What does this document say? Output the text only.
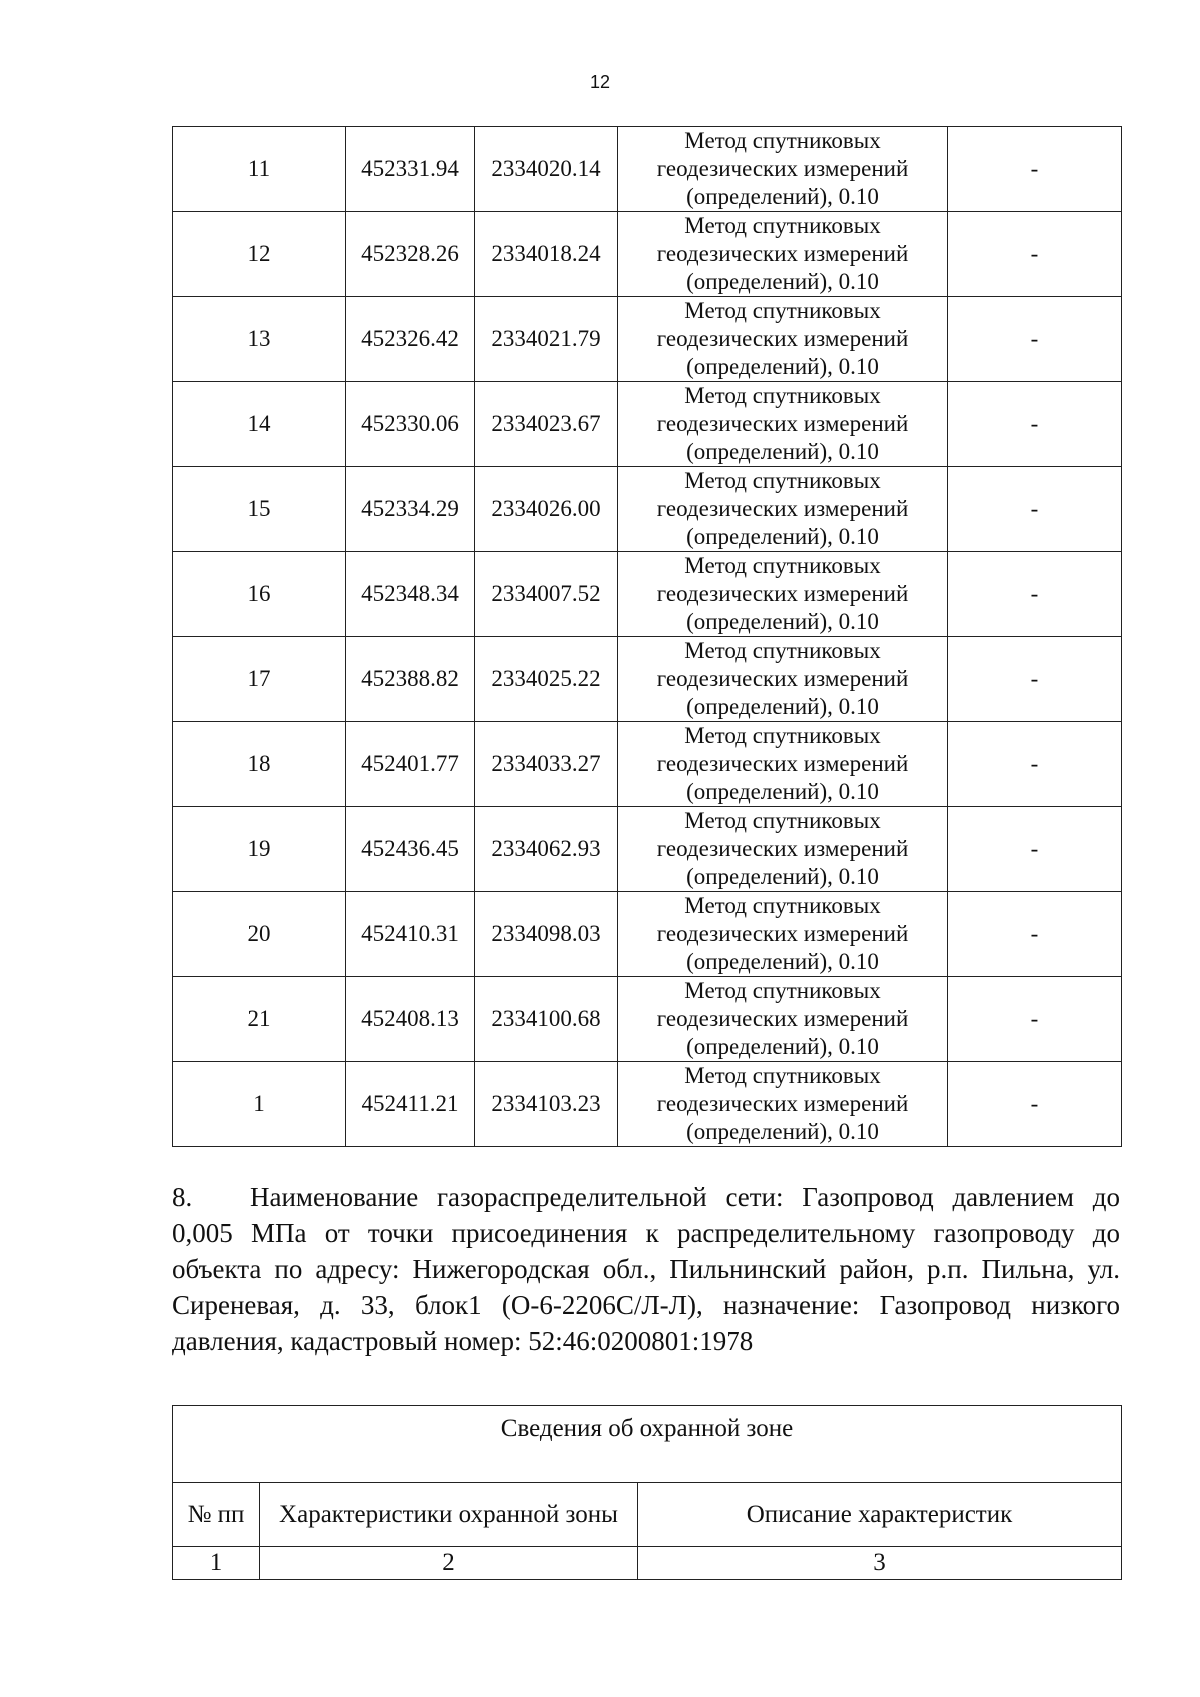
12
11	452331.94	2334020.14	Метод спутниковых
геодезических измерений
(определений), 0.10	-
12	452328.26	2334018.24	Метод спутниковых
геодезических измерений
(определений), 0.10	-
13	452326.42	2334021.79	Метод спутниковых
геодезических измерений
(определений), 0.10	-
14	452330.06	2334023.67	Метод спутниковых
геодезических измерений
(определений), 0.10	-
15	452334.29	2334026.00	Метод спутниковых
геодезических измерений
(определений), 0.10	-
16	452348.34	2334007.52	Метод спутниковых
геодезических измерений
(определений), 0.10	-
17	452388.82	2334025.22	Метод спутниковых
геодезических измерений
(определений), 0.10	-
18	452401.77	2334033.27	Метод спутниковых
геодезических измерений
(определений), 0.10	-
19	452436.45	2334062.93	Метод спутниковых
геодезических измерений
(определений), 0.10	-
20	452410.31	2334098.03	Метод спутниковых
геодезических измерений
(определений), 0.10	-
21	452408.13	2334100.68	Метод спутниковых
геодезических измерений
(определений), 0.10	-
1	452411.21	2334103.23	Метод спутниковых
геодезических измерений
(определений), 0.10	-
8. Наименование газораспределительной сети: Газопровод давлением до 0,005 МПа от точки присоединения к распределительному газопроводу до объекта по адресу: Нижегородская обл., Пильнинский район, р.п. Пильна, ул. Сиреневая, д. 33, блок1 (О-6-2206С/Л-Л), назначение: Газопровод низкого давления, кадастровый номер: 52:46:0200801:1978
Сведения об охранной зоне		
№ пп	Характеристики охранной зоны	Описание характеристик
1	2	3
